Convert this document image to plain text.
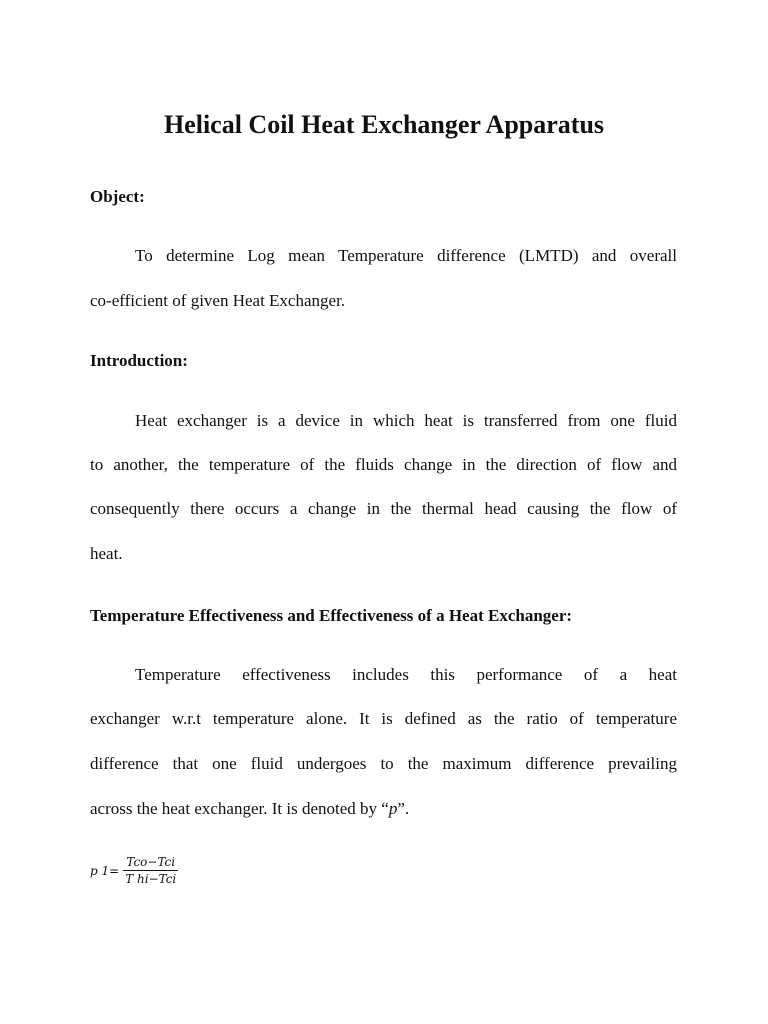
Helical Coil Heat Exchanger Apparatus
Object:
To determine Log mean Temperature difference (LMTD) and overall
co-efficient of given Heat Exchanger.
Introduction:
Heat exchanger is a device in which heat is transferred from one fluid
to another, the temperature of the fluids change in the direction of flow and
consequently there occurs a change in the thermal head causing the flow of
heat.
Temperature Effectiveness and Effectiveness of a Heat Exchanger:
Temperature effectiveness includes this performance of a heat
exchanger w.r.t temperature alone. It is defined as the ratio of temperature
difference that one fluid undergoes to the maximum difference prevailing
across the heat exchanger. It is denoted by “p”.
p $1= \frac{\text{Tco−Tci}}{\text{T hi−Tci}}$
